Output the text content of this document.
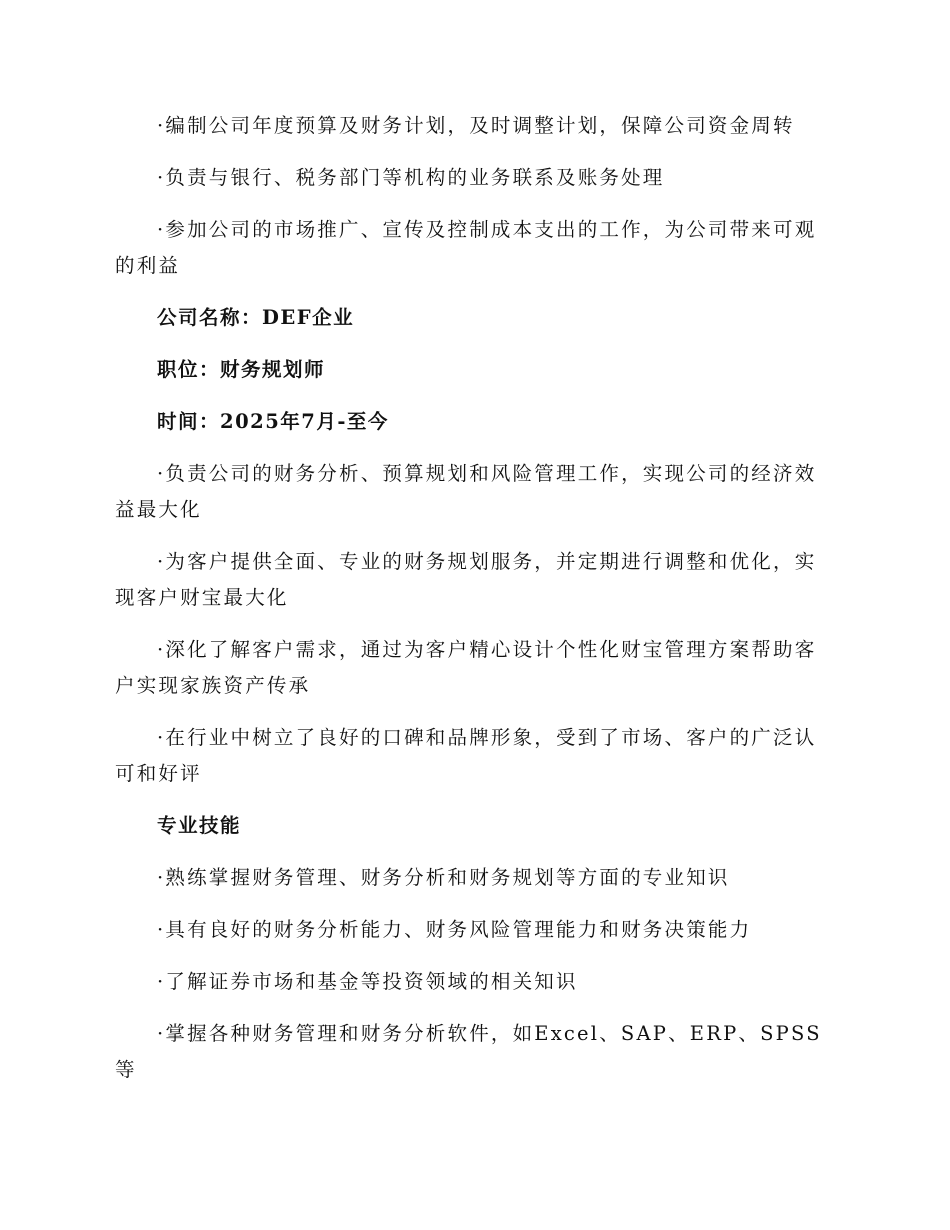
·编制公司年度预算及财务计划，及时调整计划，保障公司资金周转

·负责与银行、税务部门等机构的业务联系及账务处理

·参加公司的市场推广、宣传及控制成本支出的工作，为公司带来可观的利益

公司名称：DEF企业

职位：财务规划师

时间：2025年7月-至今

·负责公司的财务分析、预算规划和风险管理工作，实现公司的经济效益最大化

·为客户提供全面、专业的财务规划服务，并定期进行调整和优化，实现客户财宝最大化

·深化了解客户需求，通过为客户精心设计个性化财宝管理方案帮助客户实现家族资产传承

·在行业中树立了良好的口碑和品牌形象，受到了市场、客户的广泛认可和好评

专业技能

·熟练掌握财务管理、财务分析和财务规划等方面的专业知识

·具有良好的财务分析能力、财务风险管理能力和财务决策能力

·了解证券市场和基金等投资领域的相关知识

·掌握各种财务管理和财务分析软件，如Excel、SAP、ERP、SPSS等
